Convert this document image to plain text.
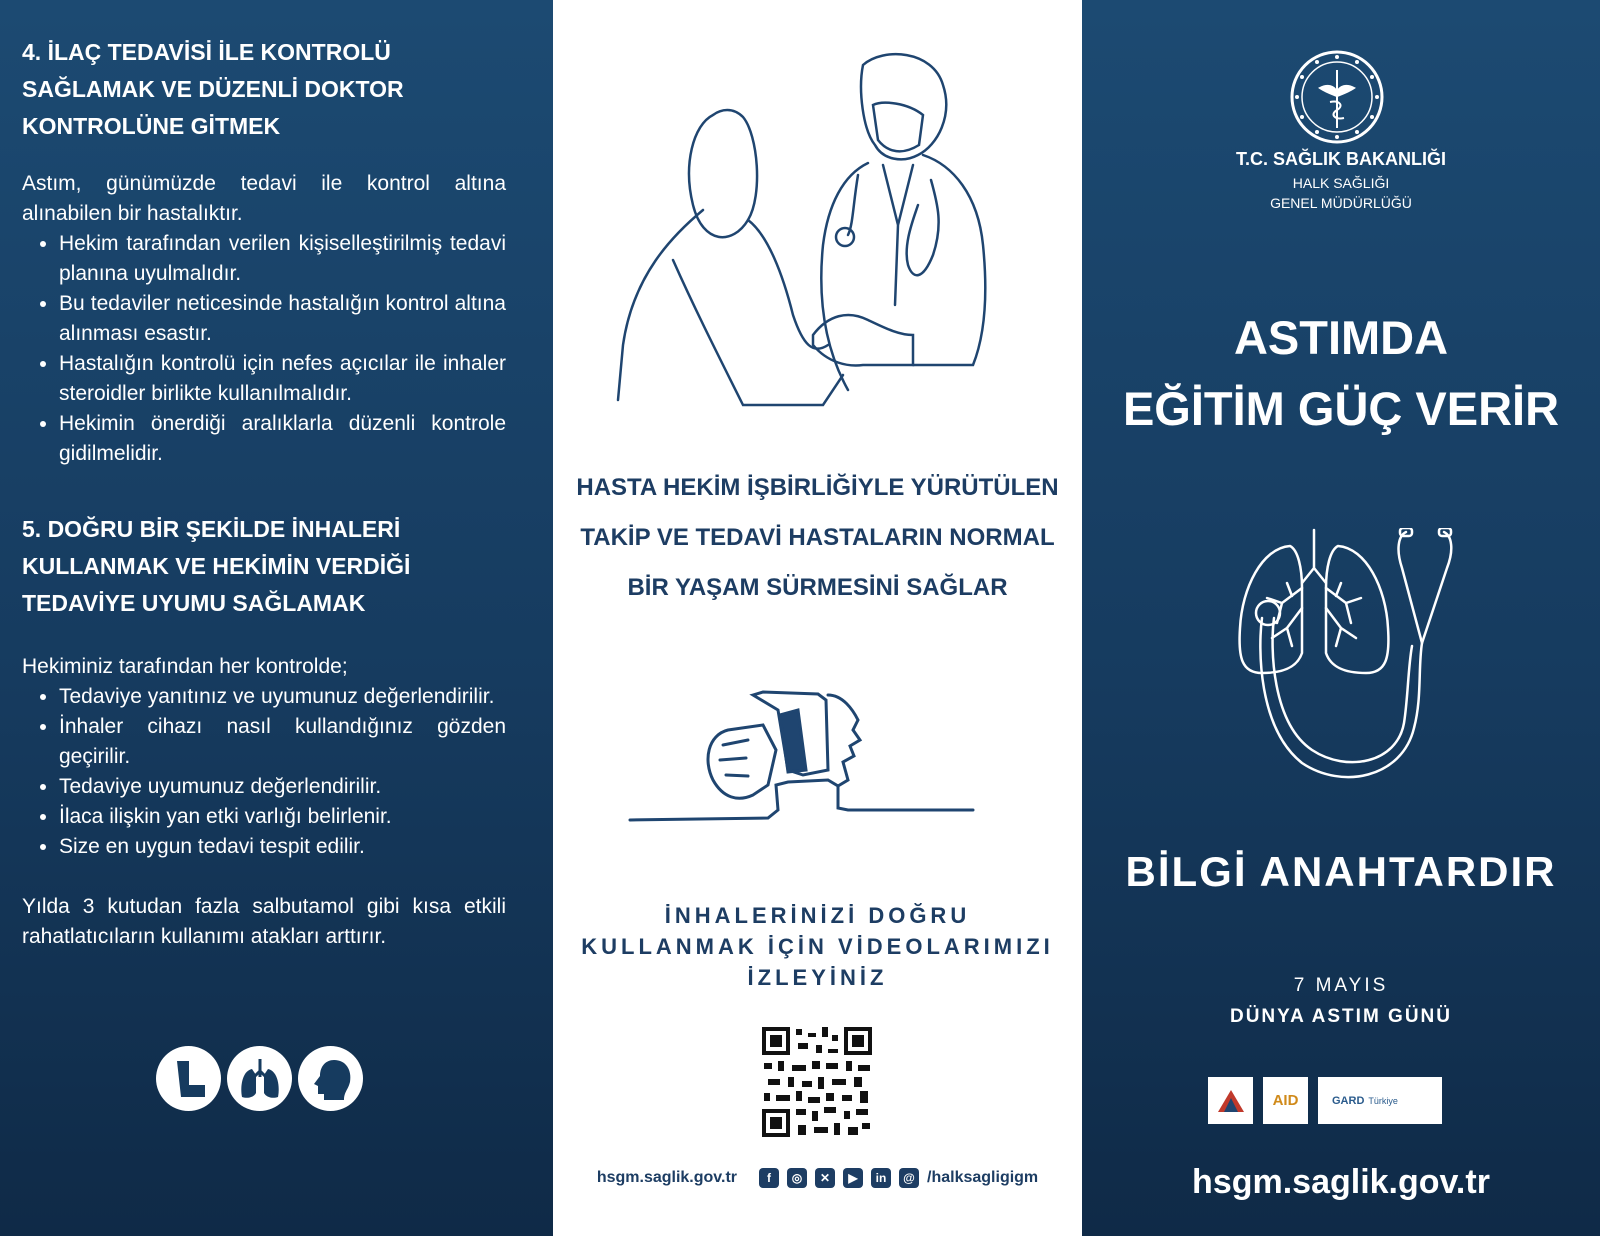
4. İLAÇ TEDAVİSİ İLE KONTROLÜ SAĞLAMAK VE DÜZENLİ DOKTOR KONTROLÜNE GİTMEK

Astım, günümüzde tedavi ile kontrol altına alınabilen bir hastalıktır.

• Hekim tarafından verilen kişiselleştirilmiş tedavi planına uyulmalıdır.
• Bu tedaviler neticesinde hastalığın kontrol altına alınması esastır.
• Hastalığın kontrolü için nefes açıcılar ile inhaler steroidler birlikte kullanılmalıdır.
• Hekimin önerdiği aralıklarla düzenli kontrole gidilmelidir.

5. DOĞRU BİR ŞEKİLDE İNHALERİ KULLANMAK VE HEKİMİN VERDİĞİ TEDAVİYE UYUMU SAĞLAMAK

Hekiminiz tarafından her kontrolde;

• Tedaviye yanıtınız ve uyumunuz değerlendirilir.
• İnhaler cihazı nasıl kullandığınız gözden geçirilir.
• Tedaviye uyumunuz değerlendirilir.
• İlaca ilişkin yan etki varlığı belirlenir.
• Size en uygun tedavi tespit edilir.

Yılda 3 kutudan fazla salbutamol gibi kısa etkili rahatlatıcıların kullanımı atakları arttırır.

HASTA HEKİM İŞBİRLİĞİYLE YÜRÜTÜLEN
TAKİP VE TEDAVİ HASTALARIN NORMAL
BİR YAŞAM SÜRMESİNİ SAĞLAR
İNHALERİNİZİ DOĞRU
KULLANMAK İÇİN VİDEOLARIMIZI
İZLEYİNİZ
hsgm.saglik.gov.tr	f	◎	✕	▶	in	@ /halksagligigm
T.C. SAĞLIK BAKANLIĞI
HALK SAĞLIĞI
GENEL MÜDÜRLÜĞÜ
ASTIMDA
EĞİTİM GÜÇ VERİR
BİLGİ ANAHTARDIR
7 MAYIS
DÜNYA ASTIM GÜNÜ
AID	GARD Türkiye
hsgm.saglik.gov.tr
